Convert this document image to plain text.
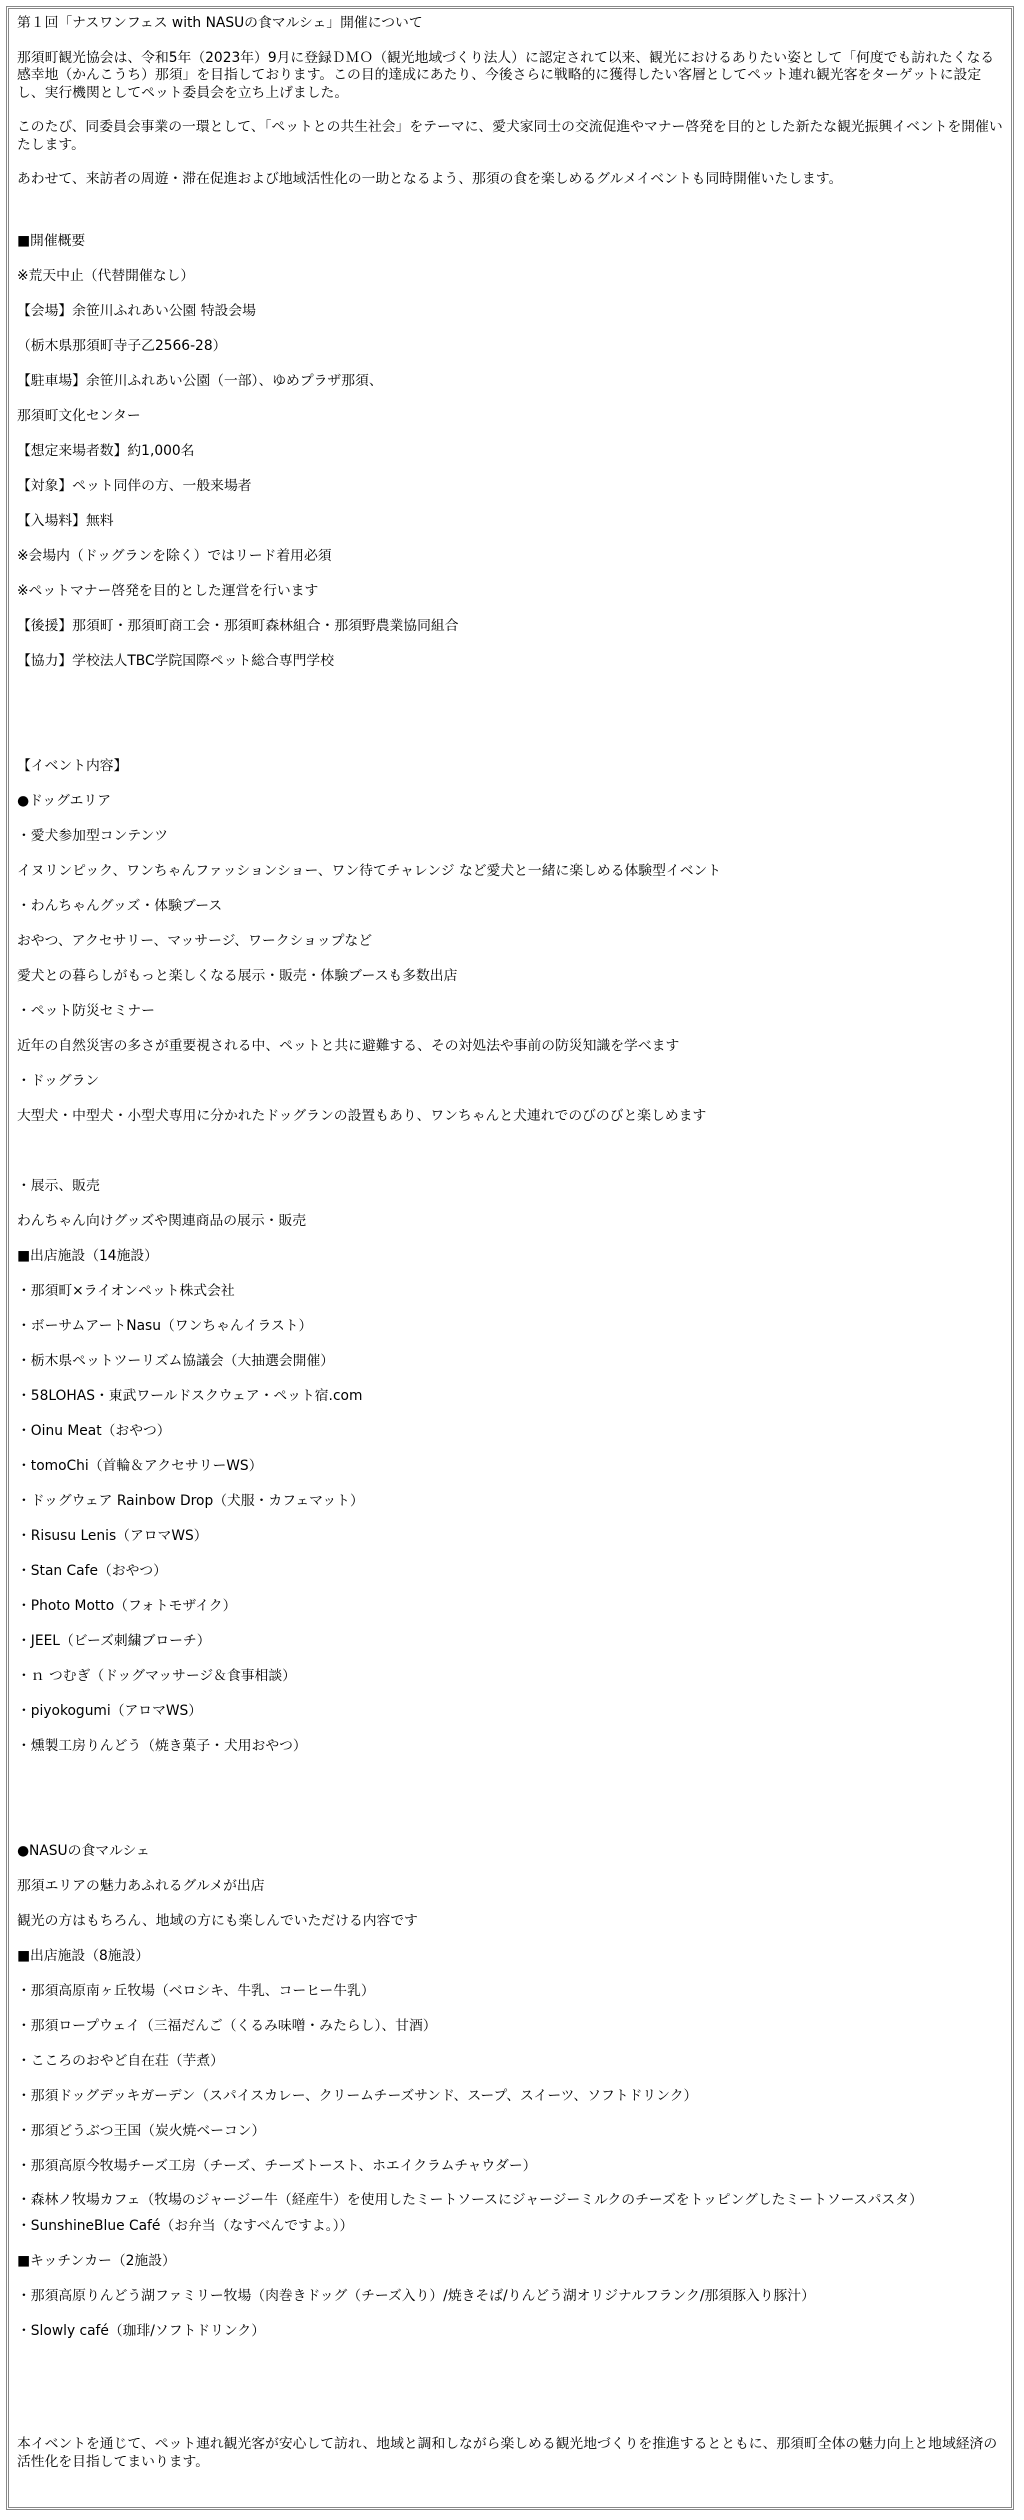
第１回「ナスワンフェス with NASUの食マルシェ」開催について

那須町観光協会は、令和5年（2023年）9月に登録ＤＭＯ（観光地域づくり法人）に認定されて以来、観光におけるありたい姿として「何度でも訪れたくなる感幸地（かんこうち）那須」を目指しております。この目的達成にあたり、今後さらに戦略的に獲得したい客層としてペット連れ観光客をターゲットに設定し、実行機関としてペット委員会を立ち上げました。

このたび、同委員会事業の一環として、「ペットとの共生社会」をテーマに、愛犬家同士の交流促進やマナー啓発を目的とした新たな観光振興イベントを開催いたします。

あわせて、来訪者の周遊・滞在促進および地域活性化の一助となるよう、那須の食を楽しめるグルメイベントも同時開催いたします。

■開催概要
※荒天中止（代替開催なし）
【会場】余笹川ふれあい公園 特設会場
（栃木県那須町寺子乙2566-28）
【駐車場】余笹川ふれあい公園（一部）、ゆめプラザ那須、
那須町文化センター
【想定来場者数】約1,000名
【対象】ペット同伴の方、一般来場者
【入場料】無料
※会場内（ドッグランを除く）ではリード着用必須
※ペットマナー啓発を目的とした運営を行います
【後援】那須町・那須町商工会・那須町森林組合・那須野農業協同組合
【協力】学校法人TBC学院国際ペット総合専門学校
【イベント内容】
●ドッグエリア
・愛犬参加型コンテンツ
イヌリンピック、ワンちゃんファッションショー、ワン待てチャレンジ など愛犬と一緒に楽しめる体験型イベント
・わんちゃんグッズ・体験ブース
おやつ、アクセサリー、マッサージ、ワークショップなど
愛犬との暮らしがもっと楽しくなる展示・販売・体験ブースも多数出店
・ペット防災セミナー
近年の自然災害の多さが重要視される中、ペットと共に避難する、その対処法や事前の防災知識を学べます
・ドッグラン
大型犬・中型犬・小型犬専用に分かれたドッグランの設置もあり、ワンちゃんと犬連れでのびのびと楽しめます
・展示、販売
わんちゃん向けグッズや関連商品の展示・販売
■出店施設（14施設）
・那須町×ライオンペット株式会社
・ボーサムアートNasu（ワンちゃんイラスト）
・栃木県ペットツーリズム協議会（大抽選会開催）
・58LOHAS・東武ワールドスクウェア・ペット宿.com
・Oinu Meat（おやつ）
・tomoChi（首輪＆アクセサリーWS）
・ドッグウェア Rainbow Drop（犬服・カフェマット）
・Risusu Lenis（アロマWS）
・Stan Cafe（おやつ）
・Photo Motto（フォトモザイク）
・JEEL（ビーズ刺繍ブローチ）
・ｎ つむぎ（ドッグマッサージ＆食事相談）
・piyokogumi（アロマWS）
・燻製工房りんどう（焼き菓子・犬用おやつ）
●NASUの食マルシェ
那須エリアの魅力あふれるグルメが出店
観光の方はもちろん、地域の方にも楽しんでいただける内容です
■出店施設（8施設）
・那須高原南ヶ丘牧場（ベロシキ、牛乳、コーヒー牛乳）
・那須ロープウェイ（三福だんご（くるみ味噌・みたらし）、甘酒）
・こころのおやど自在荘（芋煮）
・那須ドッグデッキガーデン（スパイスカレー、クリームチーズサンド、スープ、スイーツ、ソフトドリンク）
・那須どうぶつ王国（炭火焼ベーコン）
・那須高原今牧場チーズ工房（チーズ、チーズトースト、ホエイクラムチャウダー）

・森林ノ牧場カフェ（牧場のジャージー牛（経産牛）を使用したミートソースにジャージーミルクのチーズをトッピングしたミートソースパスタ）

・SunshineBlue Café（お弁当（なすべんですよ。））
■キッチンカー（2施設）
・那須高原りんどう湖ファミリー牧場（肉巻きドッグ（チーズ入り）/焼きそば/りんどう湖オリジナルフランク/那須豚入り豚汁）
・Slowly café（珈琲/ソフトドリンク）

本イベントを通じて、ペット連れ観光客が安心して訪れ、地域と調和しながら楽しめる観光地づくりを推進するとともに、那須町全体の魅力向上と地域経済の活性化を目指してまいります。
